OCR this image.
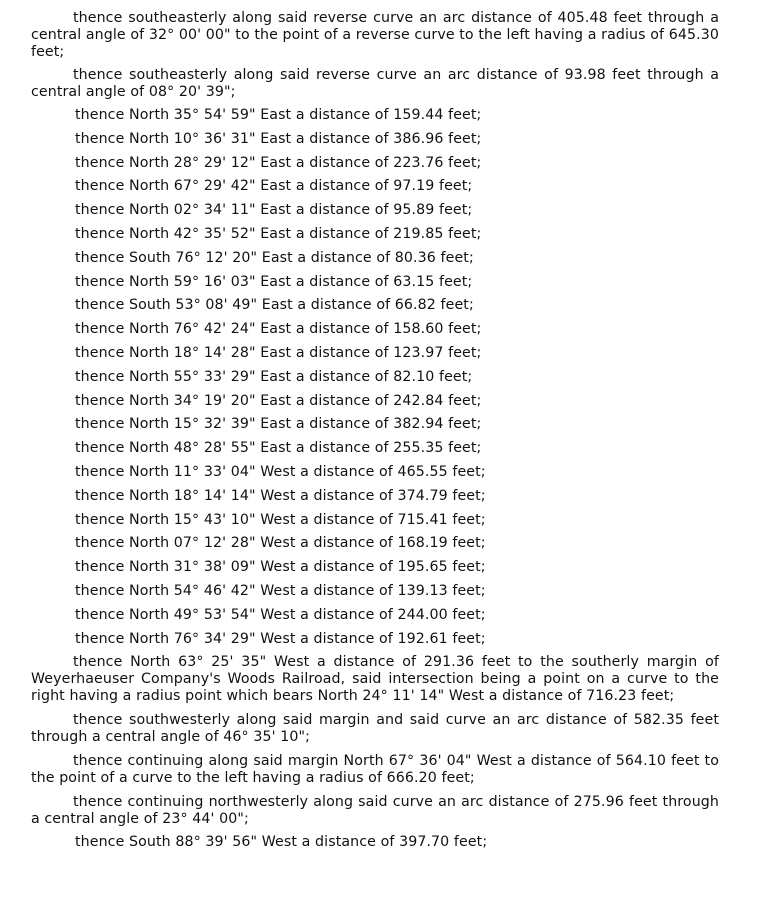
thence southeasterly along said reverse curve an arc distance of 405.48 feet through a central angle of 32° 00' 00" to the point of a reverse curve to the left having a radius of 645.30 feet;

thence southeasterly along said reverse curve an arc distance of 93.98 feet through a central angle of 08° 20' 39";

thence North 35° 54' 59" East a distance of 159.44 feet;

thence North 10° 36' 31" East a distance of 386.96 feet;

thence North 28° 29' 12" East a distance of 223.76 feet;

thence North 67° 29' 42" East a distance of 97.19 feet;

thence North 02° 34' 11" East a distance of 95.89 feet;

thence North 42° 35' 52" East a distance of 219.85 feet;

thence South 76° 12' 20" East a distance of 80.36 feet;

thence North 59° 16' 03" East a distance of 63.15 feet;

thence South 53° 08' 49" East a distance of 66.82 feet;

thence North 76° 42' 24" East a distance of 158.60 feet;

thence North 18° 14' 28" East a distance of 123.97 feet;

thence North 55° 33' 29" East a distance of 82.10 feet;

thence North 34° 19' 20" East a distance of 242.84 feet;

thence North 15° 32' 39" East a distance of 382.94 feet;

thence North 48° 28' 55" East a distance of 255.35 feet;

thence North 11° 33' 04" West a distance of 465.55 feet;

thence North 18° 14' 14" West a distance of 374.79 feet;

thence North 15° 43' 10" West a distance of 715.41 feet;

thence North 07° 12' 28" West a distance of 168.19 feet;

thence North 31° 38' 09" West a distance of 195.65 feet;

thence North 54° 46' 42" West a distance of 139.13 feet;

thence North 49° 53' 54" West a distance of 244.00 feet;

thence North 76° 34' 29" West a distance of 192.61 feet;

thence North 63° 25' 35" West a distance of 291.36 feet to the southerly margin of Weyerhaeuser Company's Woods Railroad, said intersection being a point on a curve to the right having a radius point which bears North 24° 11' 14" West a distance of 716.23 feet;

thence southwesterly along said margin and said curve an arc distance of 582.35 feet through a central angle of 46° 35' 10";

thence continuing along said margin North 67° 36' 04" West a distance of 564.10 feet to the point of a curve to the left having a radius of 666.20 feet;

thence continuing northwesterly along said curve an arc distance of 275.96 feet through a central angle of 23° 44' 00";

thence South 88° 39' 56" West a distance of 397.70 feet;
